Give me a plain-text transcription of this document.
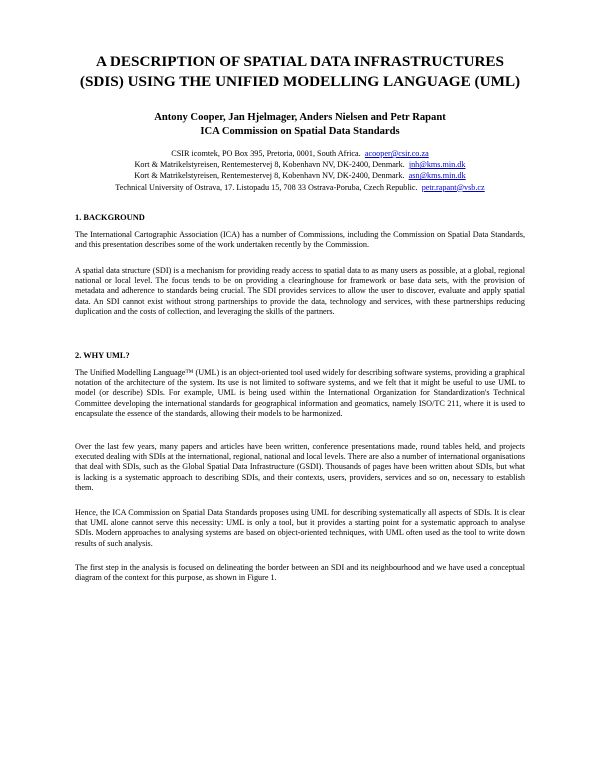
A DESCRIPTION OF SPATIAL DATA INFRASTRUCTURES
(SDIS) USING THE UNIFIED MODELLING LANGUAGE (UML)
Antony Cooper, Jan Hjelmager, Anders Nielsen and Petr Rapant
ICA Commission on Spatial Data Standards
CSIR icomtek, PO Box 395, Pretoria, 0001, South Africa. acooper@csir.co.za
Kort & Matrikelstyreisen, Rentemestervej 8, Kobenhavn NV, DK-2400, Denmark. jnh@kms.min.dk
Kort & Matrikelstyreisen, Rentemestervej 8, Kobenhavn NV, DK-2400, Denmark. asn@kms.min.dk
Technical University of Ostrava, 17. Listopadu 15, 708 33 Ostrava-Poruba, Czech Republic. petr.rapant@vsb.cz
1. BACKGROUND

The International Cartographic Association (ICA) has a number of Commissions, including the Commission on Spatial Data Standards, and this presentation describes some of the work undertaken recently by the Commission.

A spatial data structure (SDI) is a mechanism for providing ready access to spatial data to as many users as possible, at a global, regional national or local level. The focus tends to be on providing a clearinghouse for framework or base data sets, with the provision of metadata and adherence to standards being crucial. The SDI provides services to allow the user to discover, evaluate and apply spatial data. An SDI cannot exist without strong partnerships to provide the data, technology and services, with these partnerships reducing duplication and the costs of collection, and leveraging the skills of the partners.

2. WHY UML?

The Unified Modelling Language™ (UML) is an object-oriented tool used widely for describing software systems, providing a graphical notation of the architecture of the system. Its use is not limited to software systems, and we felt that it might be useful to use UML to model (or describe) SDIs. For example, UML is being used within the International Organization for Standardization's Technical Committee developing the international standards for geographical information and geomatics, namely ISO/TC 211, where it is used to encapsulate the essence of the standards, allowing their models to be harmonized.

Over the last few years, many papers and articles have been written, conference presentations made, round tables held, and projects executed dealing with SDIs at the international, regional, national and local levels. There are also a number of international organisations that deal with SDIs, such as the Global Spatial Data Infrastructure (GSDI). Thousands of pages have been written about SDIs, but what is lacking is a systematic approach to describing SDIs, and their contexts, users, providers, services and so on, necessary to establish them.

Hence, the ICA Commission on Spatial Data Standards proposes using UML for describing systematically all aspects of SDIs. It is clear that UML alone cannot serve this necessity: UML is only a tool, but it provides a starting point for a systematic approach to analyse SDIs. Modern approaches to analysing systems are based on object-oriented techniques, with UML often used as the tool to write down results of such analysis.

The first step in the analysis is focused on delineating the border between an SDI and its neighbourhood and we have used a conceptual diagram of the context for this purpose, as shown in Figure 1.
